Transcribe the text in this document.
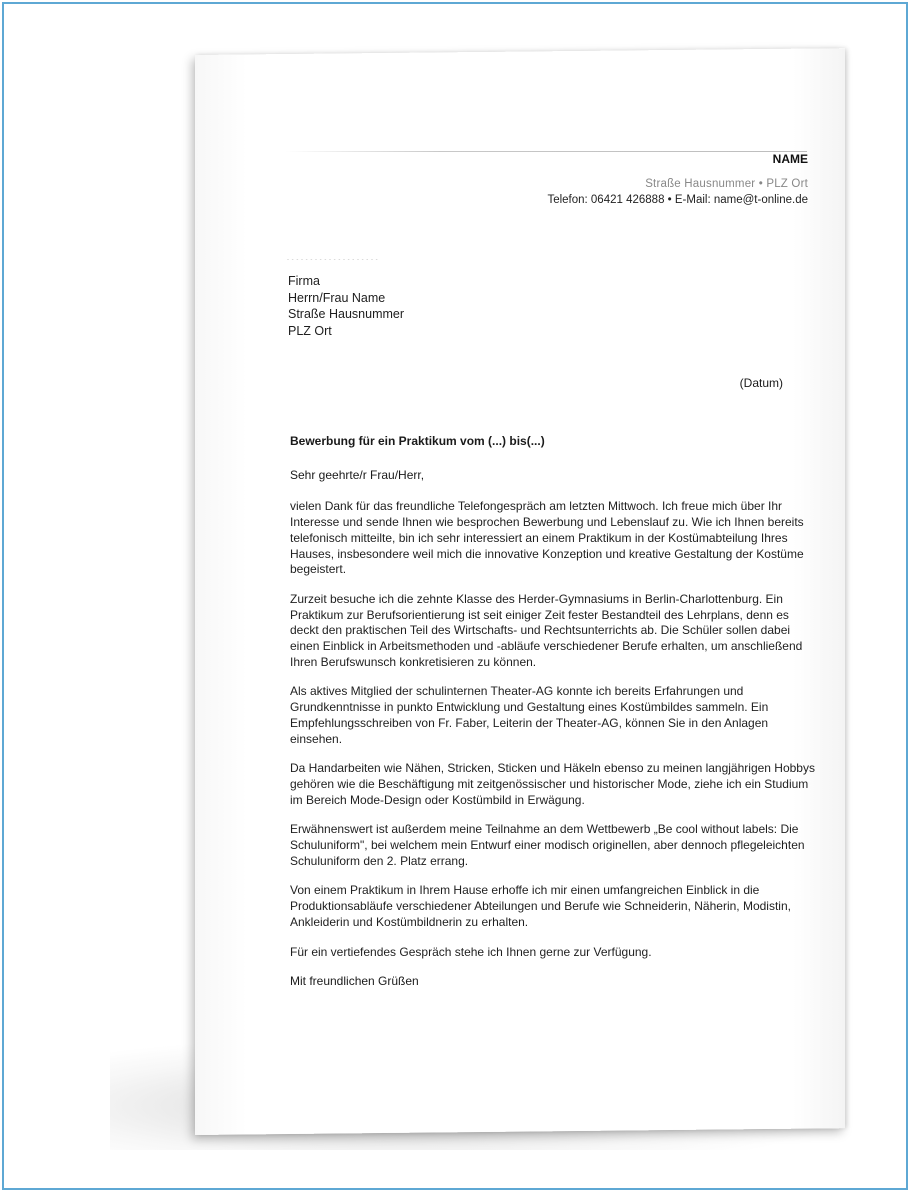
NAME
Straße Hausnummer • PLZ Ort
Telefon: 06421 426888 • E-Mail: name@t-online.de
- - - - - - - - - - - - - - - - - - - -
Firma
Herrn/Frau Name
Straße Hausnummer
PLZ Ort
(Datum)

Bewerbung für ein Praktikum vom (...) bis(...)

Sehr geehrte/r Frau/Herr,

vielen Dank für das freundliche Telefongespräch am letzten Mittwoch. Ich freue mich über Ihr Interesse und sende Ihnen wie besprochen Bewerbung und Lebenslauf zu. Wie ich Ihnen bereits telefonisch mitteilte, bin ich sehr interessiert an einem Praktikum in der Kostümabteilung Ihres Hauses, insbesondere weil mich die innovative Konzeption und kreative Gestaltung der Kostüme begeistert.

Zurzeit besuche ich die zehnte Klasse des Herder-Gymnasiums in Berlin-Charlottenburg. Ein Praktikum zur Berufsorientierung ist seit einiger Zeit fester Bestandteil des Lehrplans, denn es deckt den praktischen Teil des Wirtschafts- und Rechtsunterrichts ab. Die Schüler sollen dabei einen Einblick in Arbeitsmethoden und -abläufe verschiedener Berufe erhalten, um anschließend Ihren Berufswunsch konkretisieren zu können.

Als aktives Mitglied der schulinternen Theater-AG konnte ich bereits Erfahrungen und Grundkenntnisse in punkto Entwicklung und Gestaltung eines Kostümbildes sammeln. Ein Empfehlungsschreiben von Fr. Faber, Leiterin der Theater-AG, können Sie in den Anlagen einsehen.

Da Handarbeiten wie Nähen, Stricken, Sticken und Häkeln ebenso zu meinen langjährigen Hobbys gehören wie die Beschäftigung mit zeitgenössischer und historischer Mode, ziehe ich ein Studium im Bereich Mode-Design oder Kostümbild in Erwägung.

Erwähnenswert ist außerdem meine Teilnahme an dem Wettbewerb „Be cool without labels: Die Schuluniform", bei welchem mein Entwurf einer modisch originellen, aber dennoch pflegeleichten Schuluniform den 2. Platz errang.

Von einem Praktikum in Ihrem Hause erhoffe ich mir einen umfangreichen Einblick in die Produktionsabläufe verschiedener Abteilungen und Berufe wie Schneiderin, Näherin, Modistin, Ankleiderin und Kostümbildnerin zu erhalten.

Für ein vertiefendes Gespräch stehe ich Ihnen gerne zur Verfügung.

Mit freundlichen Grüßen
